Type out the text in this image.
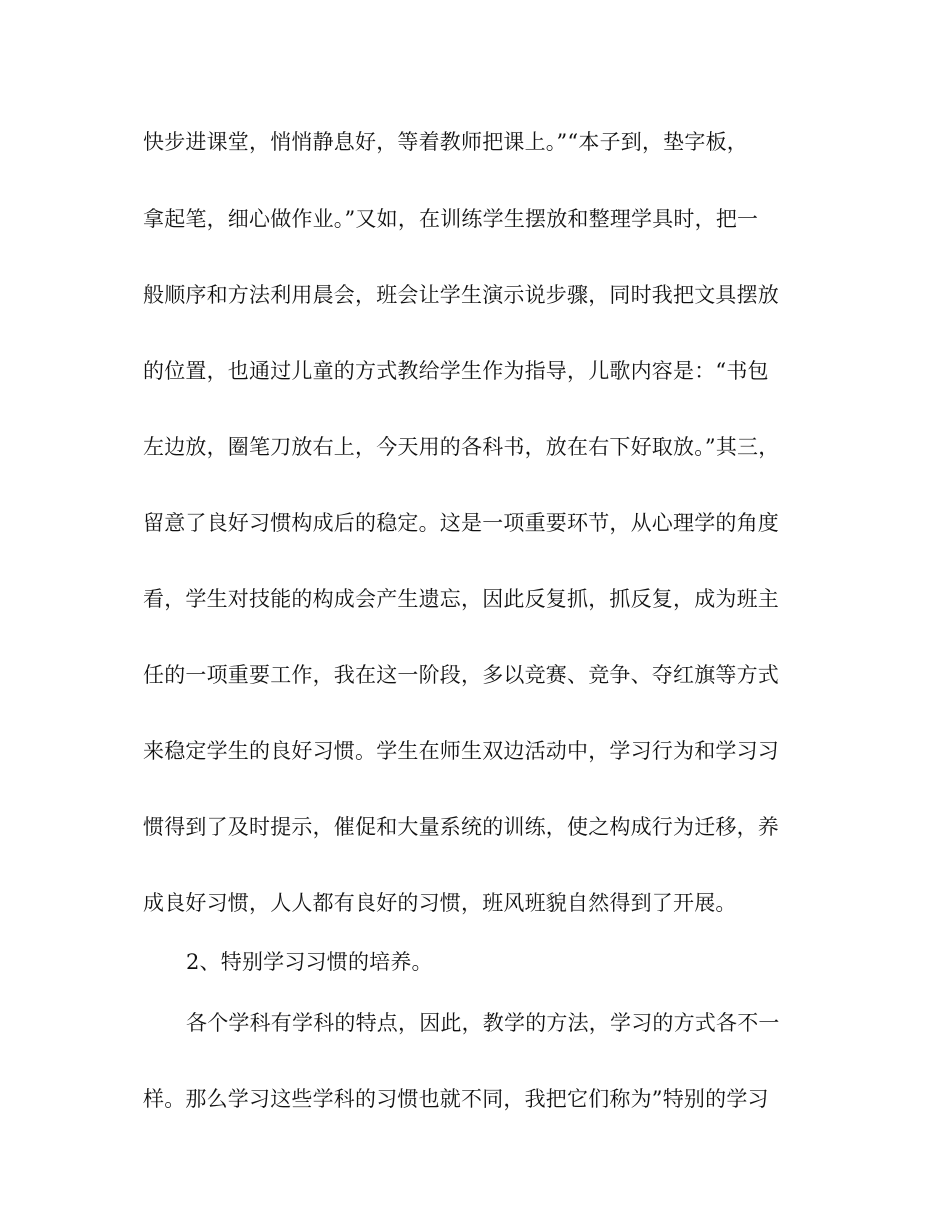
快步进课堂，悄悄静息好，等着教师把课上。”“本子到，垫字板，
拿起笔，细心做作业。”又如，在训练学生摆放和整理学具时，把一
般顺序和方法利用晨会，班会让学生演示说步骤，同时我把文具摆放
的位置，也通过儿童的方式教给学生作为指导，儿歌内容是：“书包
左边放，圈笔刀放右上，今天用的各科书，放在右下好取放。”其三，
留意了良好习惯构成后的稳定。这是一项重要环节，从心理学的角度
看，学生对技能的构成会产生遗忘，因此反复抓，抓反复，成为班主
任的一项重要工作，我在这一阶段，多以竞赛、竞争、夺红旗等方式
来稳定学生的良好习惯。学生在师生双边活动中，学习行为和学习习
惯得到了及时提示，催促和大量系统的训练，使之构成行为迁移，养
成良好习惯，人人都有良好的习惯，班风班貌自然得到了开展。
2、特别学习习惯的培养。
各个学科有学科的特点，因此，教学的方法，学习的方式各不一
样。那么学习这些学科的习惯也就不同，我把它们称为”特别的学习
